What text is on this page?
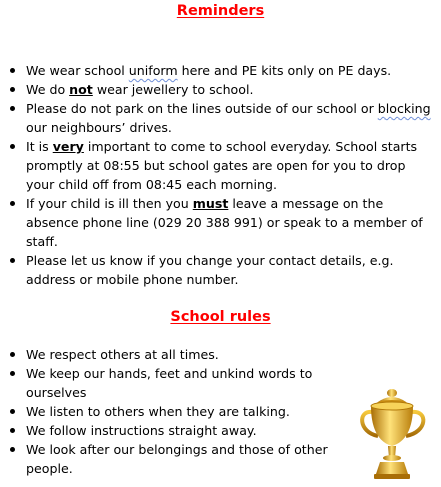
Reminders
We wear school uniform here and PE kits only on PE days.
We do not wear jewellery to school.
Please do not park on the lines outside of our school or blocking our neighbours’ drives.
It is very important to come to school everyday. School starts promptly at 08:55 but school gates are open for you to drop your child off from 08:45 each morning.
If your child is ill then you must leave a message on the absence phone line (029 20 388 991) or speak to a member of staff.
Please let us know if you change your contact details, e.g. address or mobile phone number.
School rules
We respect others at all times.
We keep our hands, feet and unkind words to ourselves
We listen to others when they are talking.
We follow instructions straight away.
We look after our belongings and those of other people.
